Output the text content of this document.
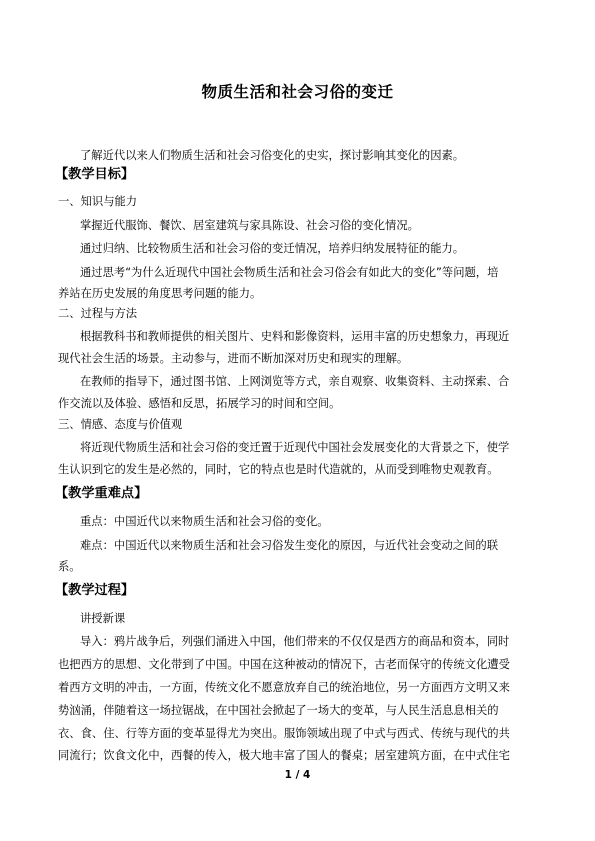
物质生活和社会习俗的变迁
了解近代以来人们物质生活和社会习俗变化的史实，探讨影响其变化的因素。
【教学目标】
一、知识与能力
掌握近代服饰、餐饮、居室建筑与家具陈设、社会习俗的变化情况。
通过归纳、比较物质生活和社会习俗的变迁情况，培养归纳发展特征的能力。
通过思考“为什么近现代中国社会物质生活和社会习俗会有如此大的变化”等问题，培
养站在历史发展的角度思考问题的能力。
二、过程与方法
根据教科书和教师提供的相关图片、史料和影像资料，运用丰富的历史想象力，再现近
现代社会生活的场景。主动参与，进而不断加深对历史和现实的理解。
在教师的指导下，通过图书馆、上网浏览等方式，亲自观察、收集资料、主动探索、合
作交流以及体验、感悟和反思，拓展学习的时间和空间。
三、情感、态度与价值观
将近现代物质生活和社会习俗的变迁置于近现代中国社会发展变化的大背景之下，使学
生认识到它的发生是必然的，同时，它的特点也是时代造就的，从而受到唯物史观教育。
【教学重难点】
重点：中国近代以来物质生活和社会习俗的变化。
难点：中国近代以来物质生活和社会习俗发生变化的原因，与近代社会变动之间的联
系。
【教学过程】
讲授新课
导入：鸦片战争后，列强们涌进入中国，他们带来的不仅仅是西方的商品和资本，同时
也把西方的思想、文化带到了中国。中国在这种被动的情况下，古老而保守的传统文化遭受
着西方文明的冲击，一方面，传统文化不愿意放弃自己的统治地位，另一方面西方文明又来
势汹涌，伴随着这一场拉锯战，在中国社会掀起了一场大的变革，与人民生活息息相关的
衣、食、住、行等方面的变革显得尤为突出。服饰领域出现了中式与西式、传统与现代的共
同流行；饮食文化中，西餐的传入，极大地丰富了国人的餐桌；居室建筑方面，在中式住宅
1 / 4
